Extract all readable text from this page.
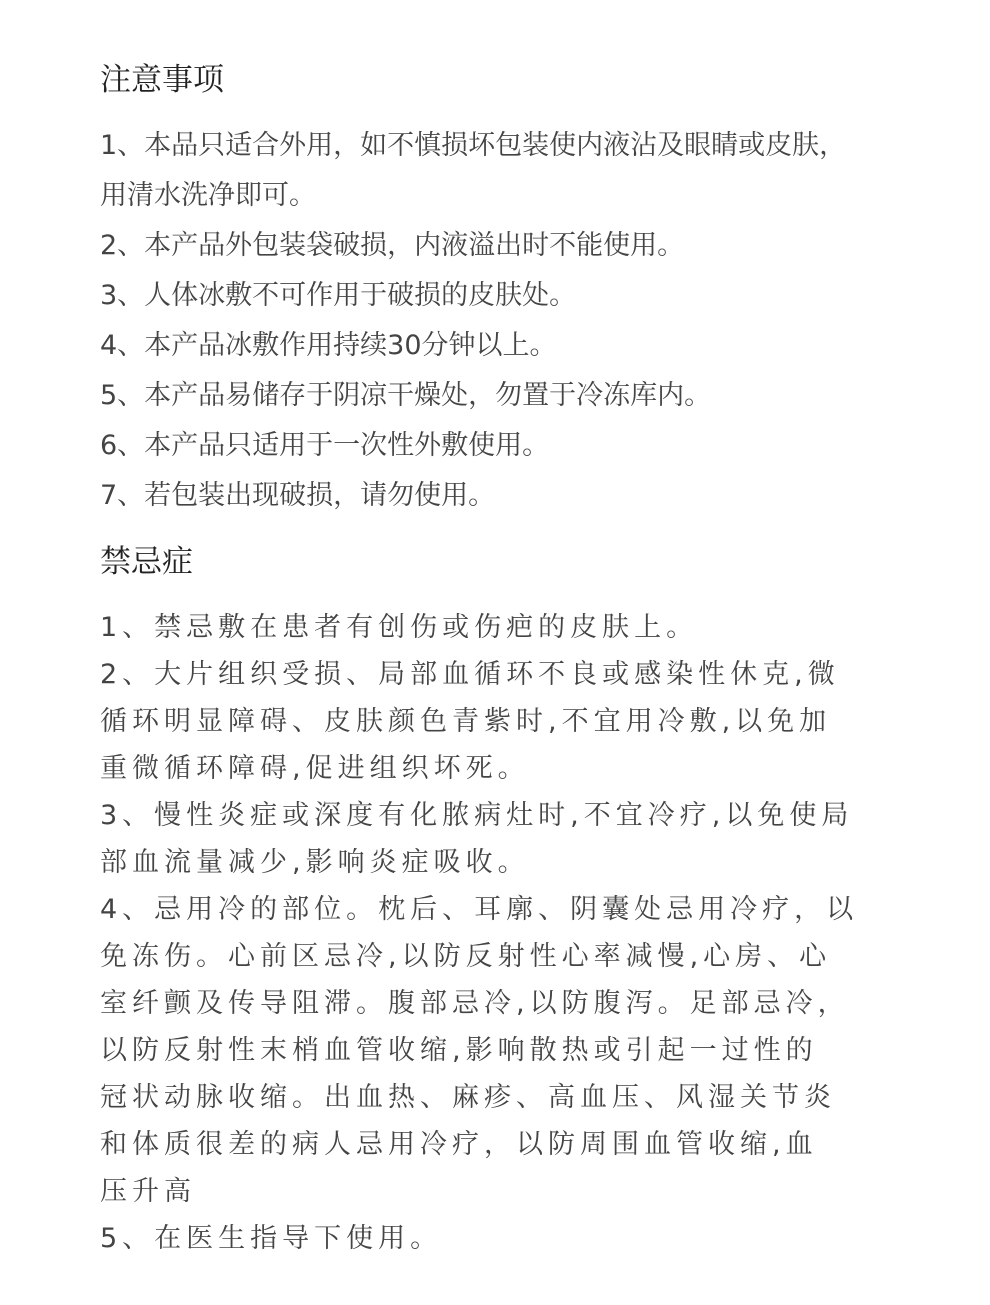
注意事项
1、本品只适合外用，如不慎损坏包装使内液沾及眼睛或皮肤，
用清水洗净即可。
2、本产品外包装袋破损，内液溢出时不能使用。
3、人体冰敷不可作用于破损的皮肤处。
4、本产品冰敷作用持续30分钟以上。
5、本产品易储存于阴凉干燥处，勿置于冷冻库内。
6、本产品只适用于一次性外敷使用。
7、若包装出现破损，请勿使用。
禁忌症
1、禁忌敷在患者有创伤或伤疤的皮肤上。
2、大片组织受损、局部血循环不良或感染性休克,微
循环明显障碍、皮肤颜色青紫时,不宜用冷敷,以免加
重微循环障碍,促进组织坏死。
3、慢性炎症或深度有化脓病灶时,不宜冷疗,以免使局
部血流量减少,影响炎症吸收。
4、忌用冷的部位。枕后、耳廓、阴囊处忌用冷疗，以
免冻伤。心前区忌冷,以防反射性心率减慢,心房、心
室纤颤及传导阻滞。腹部忌冷,以防腹泻。足部忌冷，
以防反射性末梢血管收缩,影响散热或引起一过性的
冠状动脉收缩。出血热、麻疹、高血压、风湿关节炎
和体质很差的病人忌用冷疗，以防周围血管收缩,血
压升高
5、在医生指导下使用。
